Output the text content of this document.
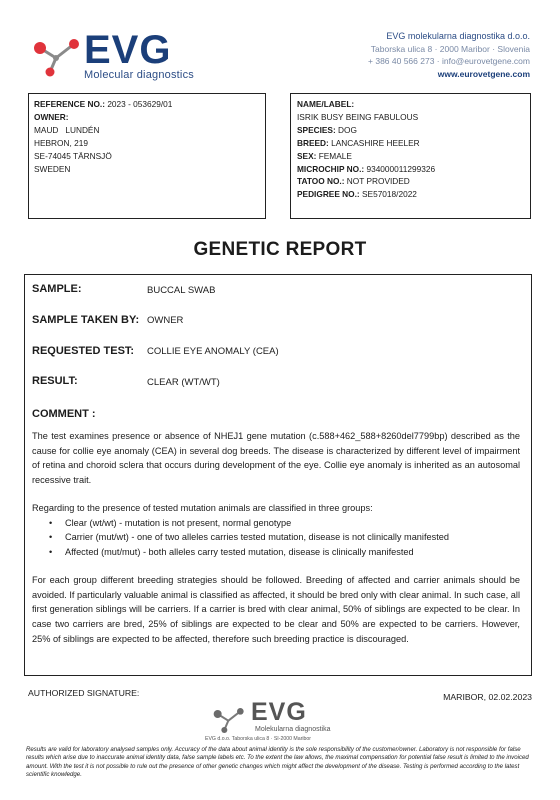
EVG
Molecular diagnostics
EVG molekularna diagnostika d.o.o.
Taborska ulica 8 · 2000 Maribor · Slovenia
+ 386 40 566 273 · info@eurovetgene.com
www.eurovetgene.com
REFERENCE NO.: 2023 - 053629/01
OWNER:
MAUD   LUNDÉN
HEBRON, 219
SE-74045 TÄRNSJÖ
SWEDEN
NAME/LABEL:
ISRIK BUSY BEING FABULOUS
SPECIES: DOG
BREED: LANCASHIRE HEELER
SEX: FEMALE
MICROCHIP NO.: 934000011299326
TATOO NO.: NOT PROVIDED
PEDIGREE NO.: SE57018/2022
GENETIC REPORT
SAMPLE:	BUCCAL SWAB
SAMPLE TAKEN BY: OWNER
REQUESTED TEST: COLLIE EYE ANOMALY (CEA)
RESULT:	CLEAR (WT/WT)
COMMENT :
The test examines presence or absence of NHEJ1 gene mutation (c.588+462_588+8260del7799bp) described as the cause for collie eye anomaly (CEA) in several dog breeds. The disease is characterized by different level of impairment of retina and choroid sclera that occurs during development of the eye. Collie eye anomaly is inherited as an autosomal recessive trait.
Regarding to the presence of tested mutation animals are classified in three groups:
• Clear (wt/wt) - mutation is not present, normal genotype
• Carrier (mut/wt) - one of two alleles carries tested mutation, disease is not clinically manifested
• Affected (mut/mut) - both alleles carry tested mutation, disease is clinically manifested
For each group different breeding strategies should be followed. Breeding of affected and carrier animals should be avoided. If particularly valuable animal is classified as affected, it should be bred only with clear animal. In such case, all first generation siblings will be carriers. If a carrier is bred with clear animal, 50% of siblings are expected to be clear. In case two carriers are bred, 25% of siblings are expected to be clear and 50% are expected to be carriers. However, 25% of siblings are expected to be affected, therefore such breeding practice is discouraged.
AUTHORIZED SIGNATURE:	MARIBOR, 02.02.2023
EVG
Molekularna diagnostika
EVG d.o.o. Taborska ulica 8 · SI-2000 Maribor
Results are valid for laboratory analysed samples only. Accuracy of the data about animal identity is the sole responsibility of the customer/owner. Laboratory is not responsible for false results which arise due to inaccurate animal identity data, false sample labels etc. To the extent the law allows, the maximal compensation for potential false result is limited to the invoiced amount. With the test it is not possible to rule out the presence of other genetic changes which might affect the development of the disease. Testing is performed according to the latest scientific knowledge.
